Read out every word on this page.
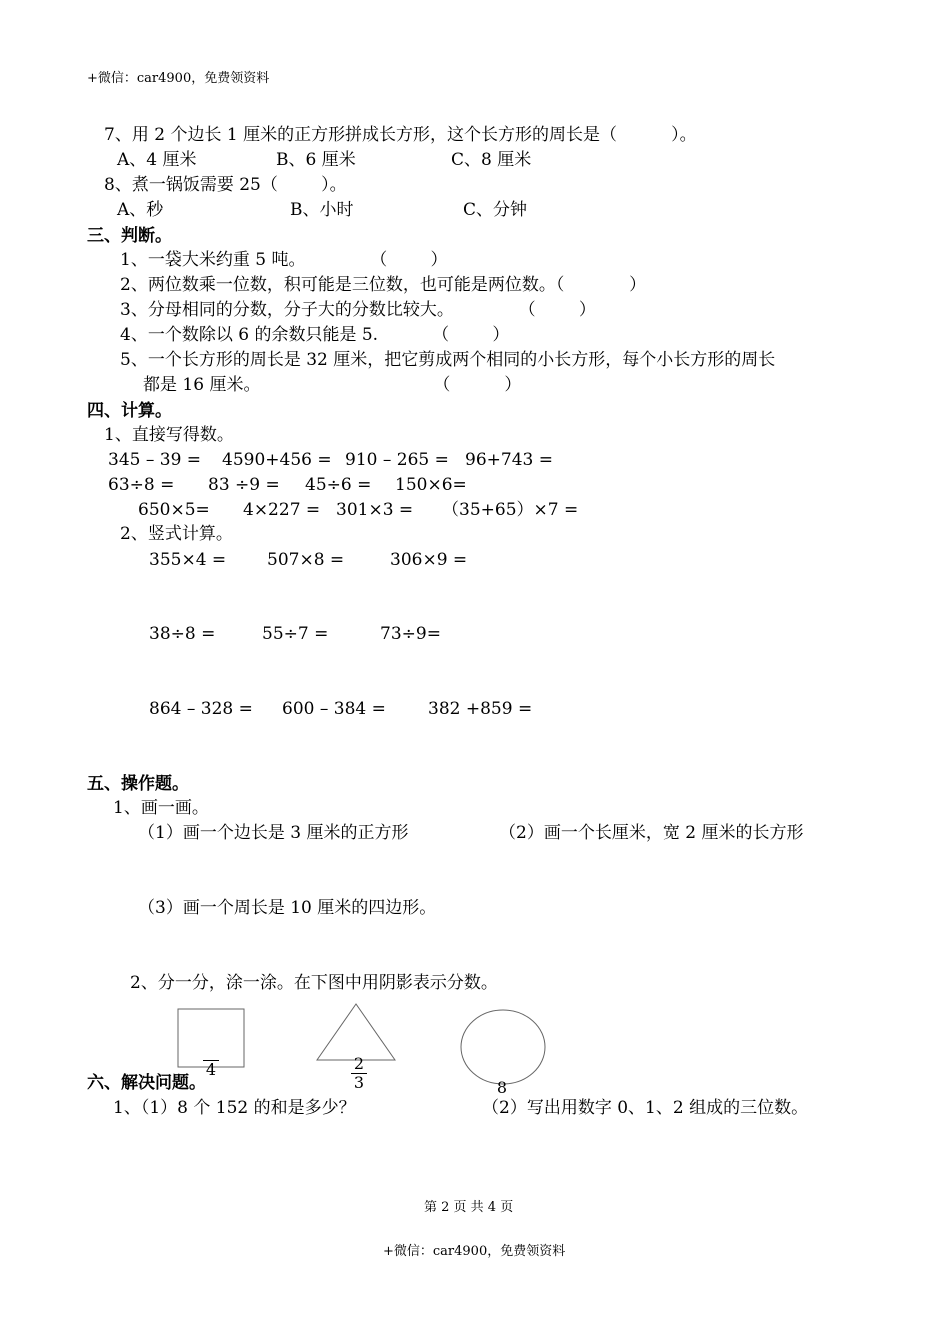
+微信：car4900，免费领资料
7、用 2 个边长 1 厘米的正方形拼成长方形，这个长方形的周长是（          ）。
A、4 厘米	B、6 厘米	C、8 厘米
8、煮一锅饭需要 25（        ）。
A、秒	B、小时	C、分钟
三、判断。
1、一袋大米约重 5 吨。            （        ）
2、两位数乘一位数，积可能是三位数，也可能是两位数。（            ）
3、分母相同的分数，分子大的分数比较大。            （        ）
4、一个数除以 6 的余数只能是 5.          （        ）
5、一个长方形的周长是 32 厘米，把它剪成两个相同的小长方形，每个小长方形的周长
都是 16 厘米。                                （          ）
四、计算。
1、直接写得数。
345 – 39 = 4590+456 = 910 – 265 = 96+743 =
63÷8 = 83 ÷9 = 45÷6 = 150×6=
650×5= 4×227 = 301×3 = （35+65）×7 =
2、竖式计算。
355×4 = 507×8 =	306×9 =
38÷8 =	55÷7 =	73÷9=
864 – 328 = 600 – 384 = 382 +859 =
五、操作题。
1、画一画。
（1）画一个边长是 3 厘米的正方形	（2）画一个长厘米，宽 2 厘米的长方形
（3）画一个周长是 10 厘米的四边形。
2、分一分，涂一涂。在下图中用阴影表示分数。
4	2
3	8
六、解决问题。
1、（1）8 个 152 的和是多少？	（2）写出用数字 0、1、2 组成的三位数。
第 2 页 共 4 页
+微信：car4900，免费领资料
